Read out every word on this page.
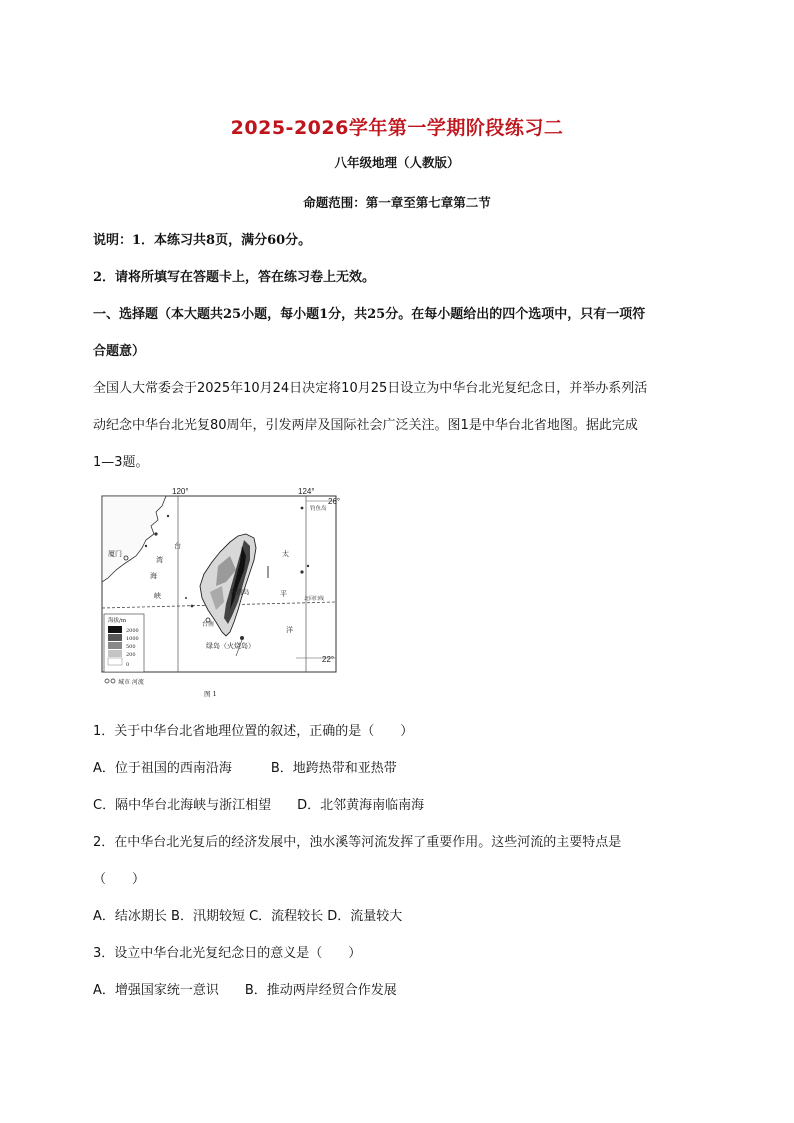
2025-2026学年第一学期阶段练习二
八年级地理（人教版）
命题范围：第一章至第七章第二节
说明：1．本练习共8页，满分60分。
2．请将所填写在答题卡上，答在练习卷上无效。
一、选择题（本大题共25小题，每小题1分，共25分。在每小题给出的四个选项中，只有一项符
合题意）
全国人大常委会于2025年10月24日决定将10月25日设立为中华台北光复纪念日，并举办系列活
动纪念中华台北光复80周年，引发两岸及国际社会广泛关注。图1是中华台北省地图。据此完成
1—3题。
120°	124°
26°
22°
钓鱼岛
厦门
台
湾
海
峡
台南
台湾岛
太
平
洋
北回归线
绿岛（火烧岛）
海拔/m
2000
1000
500
200
0
城市 河流
图 1
1．关于中华台北省地理位置的叙述，正确的是（　　）
A．位于祖国的西南沿海　　　B．地跨热带和亚热带
C．隔中华台北海峡与浙江相望　　D．北邻黄海南临南海
2．在中华台北光复后的经济发展中，浊水溪等河流发挥了重要作用。这些河流的主要特点是
（　　）
A．结冰期长 B．汛期较短 C．流程较长 D．流量较大
3．设立中华台北光复纪念日的意义是（　　）
A．增强国家统一意识　　B．推动两岸经贸合作发展
